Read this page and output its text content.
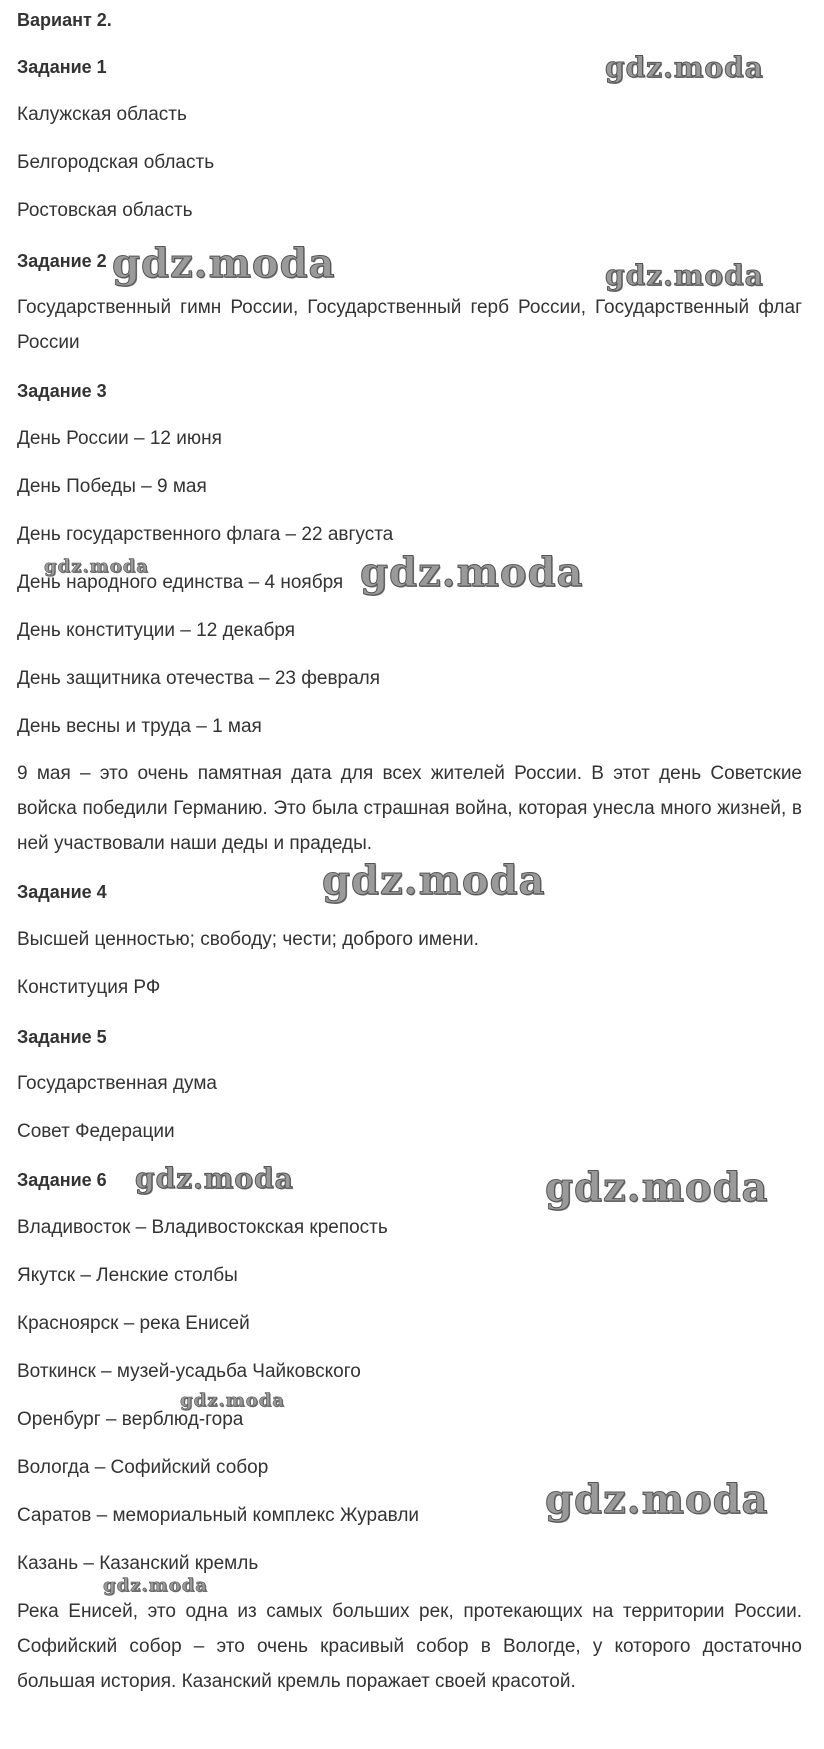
Вариант 2.
Задание 1
Калужская область
Белгородская область
Ростовская область
Задание 2
Государственный гимн России, Государственный герб России, Государственный флаг России
Задание 3
День России – 12 июня
День Победы – 9 мая
День государственного флага – 22 августа
День народного единства – 4 ноября
День конституции – 12 декабря
День защитника отечества – 23 февраля
День весны и труда – 1 мая
9 мая – это очень памятная дата для всех жителей России. В этот день Советские войска победили Германию. Это была страшная война, которая унесла много жизней, в ней участвовали наши деды и прадеды.
Задание 4
Высшей ценностью; свободу; чести; доброго имени.
Конституция РФ
Задание 5
Государственная дума
Совет Федерации
Задание 6
Владивосток – Владивостокская крепость
Якутск – Ленские столбы
Красноярск – река Енисей
Воткинск – музей-усадьба Чайковского
Оренбург – верблюд-гора
Вологда – Софийский собор
Саратов – мемориальный комплекс Журавли
Казань – Казанский кремль
Река Енисей, это одна из самых больших рек, протекающих на территории России. Софийский собор – это очень красивый собор в Вологде, у которого достаточно большая история. Казанский кремль поражает своей красотой.
gdz.moda
gdz.moda	gdz.moda
gdz.moda	gdz.moda
gdz.moda
gdz.moda	gdz.moda
gdz.moda
gdz.moda
gdz.moda
